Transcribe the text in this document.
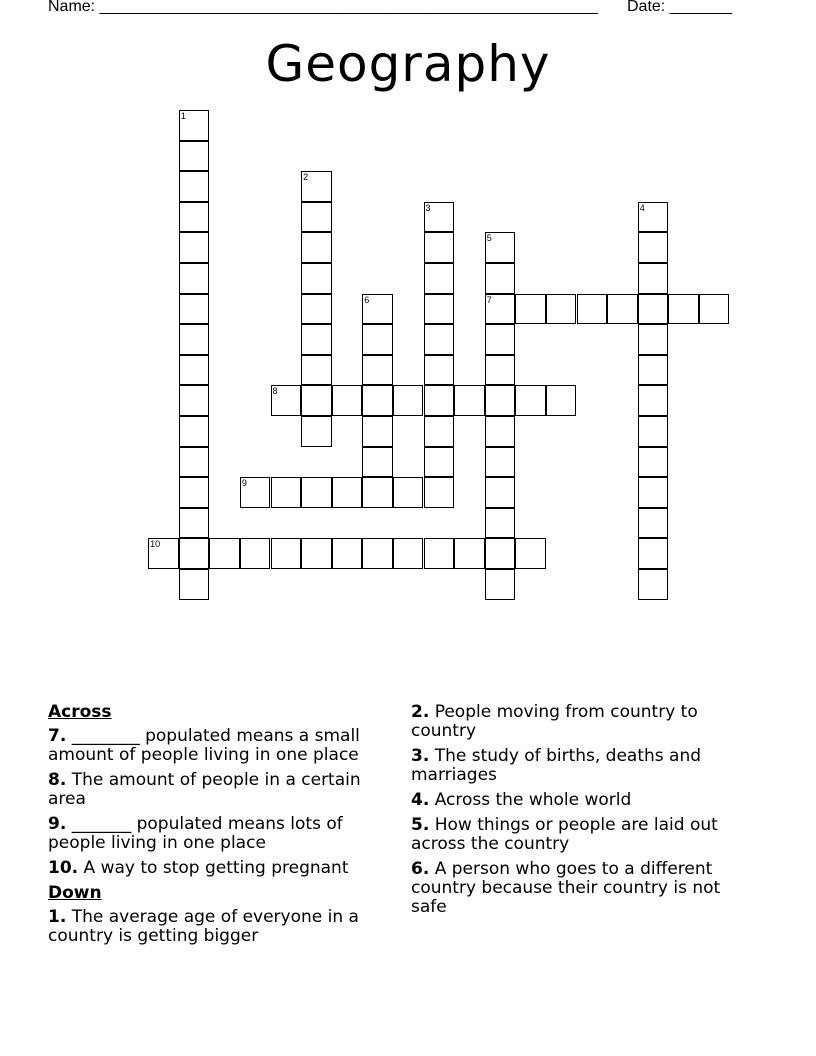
Name: ________________________________________________________ Date: _______
Geography
1
2
3	4
5
7
6
8
9
10
Across
7. ________ populated means a small amount of people living in one place
8. The amount of people in a certain area
9. _______ populated means lots of people living in one place
10. A way to stop getting pregnant
Down
1. The average age of everyone in a country is getting bigger
2. People moving from country to country
3. The study of births, deaths and marriages
4. Across the whole world
5. How things or people are laid out across the country
6. A person who goes to a different country because their country is not safe
